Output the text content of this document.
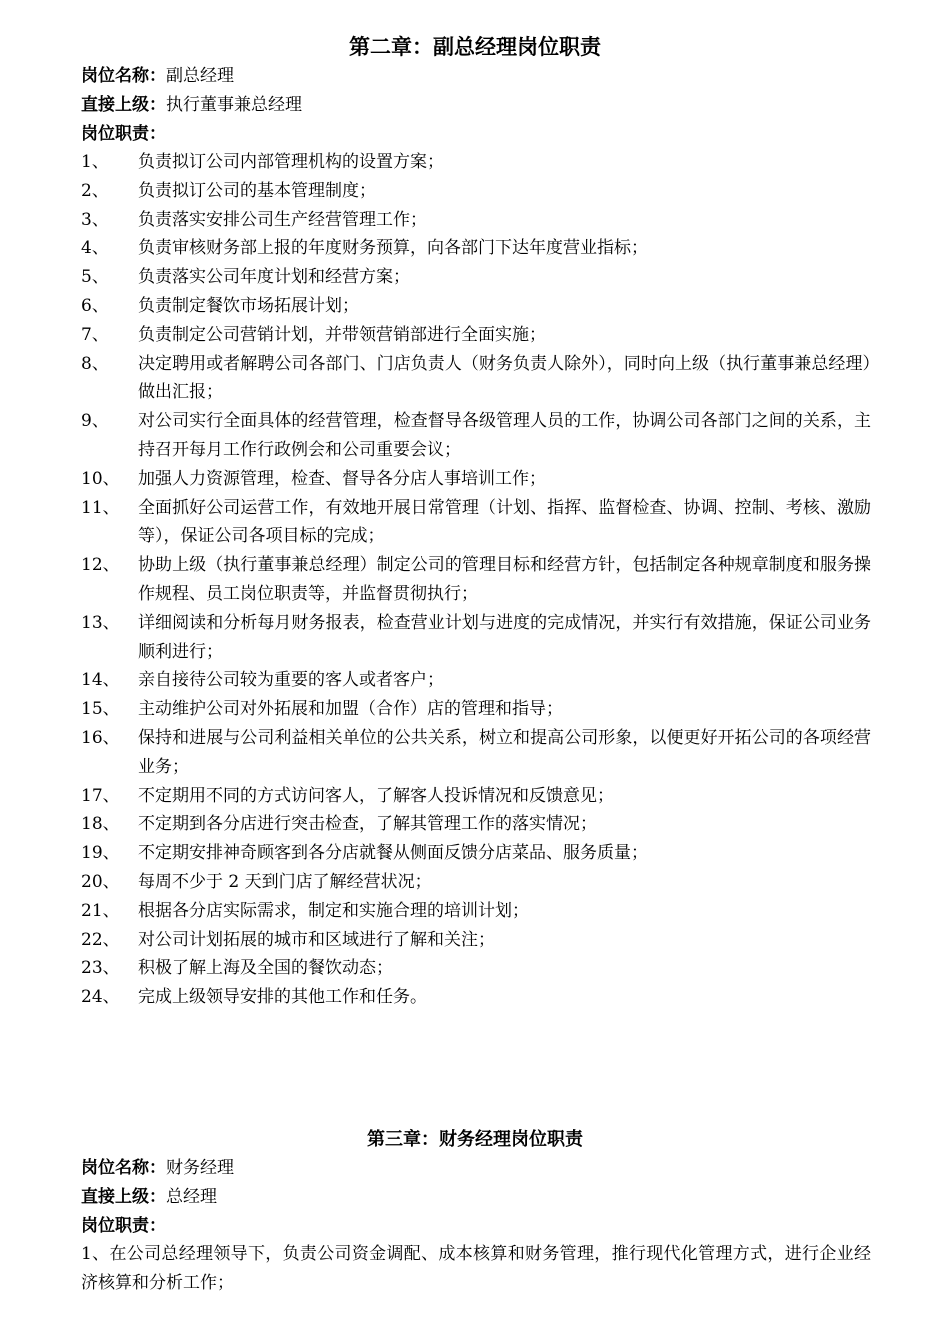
第二章：副总经理岗位职责
岗位名称：副总经理
直接上级：执行董事兼总经理
岗位职责：
1、	负责拟订公司内部管理机构的设置方案；
2、	负责拟订公司的基本管理制度；
3、	负责落实安排公司生产经营管理工作；
4、	负责审核财务部上报的年度财务预算，向各部门下达年度营业指标；
5、	负责落实公司年度计划和经营方案；
6、	负责制定餐饮市场拓展计划；
7、	负责制定公司营销计划，并带领营销部进行全面实施；
8、	决定聘用或者解聘公司各部门、门店负责人（财务负责人除外），同时向上级（执行董事兼总经理）做出汇报；
9、	对公司实行全面具体的经营管理，检查督导各级管理人员的工作，协调公司各部门之间的关系，主持召开每月工作行政例会和公司重要会议；
10、	加强人力资源管理，检查、督导各分店人事培训工作；
11、	全面抓好公司运营工作，有效地开展日常管理（计划、指挥、监督检查、协调、控制、考核、激励等），保证公司各项目标的完成；
12、	协助上级（执行董事兼总经理）制定公司的管理目标和经营方针，包括制定各种规章制度和服务操作规程、员工岗位职责等，并监督贯彻执行；
13、	详细阅读和分析每月财务报表，检查营业计划与进度的完成情况，并实行有效措施，保证公司业务顺利进行；
14、	亲自接待公司较为重要的客人或者客户；
15、	主动维护公司对外拓展和加盟（合作）店的管理和指导；
16、	保持和进展与公司利益相关单位的公共关系，树立和提高公司形象，以便更好开拓公司的各项经营业务；
17、	不定期用不同的方式访问客人，了解客人投诉情况和反馈意见；
18、	不定期到各分店进行突击检查，了解其管理工作的落实情况；
19、	不定期安排神奇顾客到各分店就餐从侧面反馈分店菜品、服务质量；
20、	每周不少于 2 天到门店了解经营状况；
21、	根据各分店实际需求，制定和实施合理的培训计划；
22、	对公司计划拓展的城市和区域进行了解和关注；
23、	积极了解上海及全国的餐饮动态；
24、	完成上级领导安排的其他工作和任务。
第三章：财务经理岗位职责
岗位名称：财务经理
直接上级：总经理
岗位职责：

1、在公司总经理领导下，负责公司资金调配、成本核算和财务管理，推行现代化管理方式，进行企业经济核算和分析工作；
